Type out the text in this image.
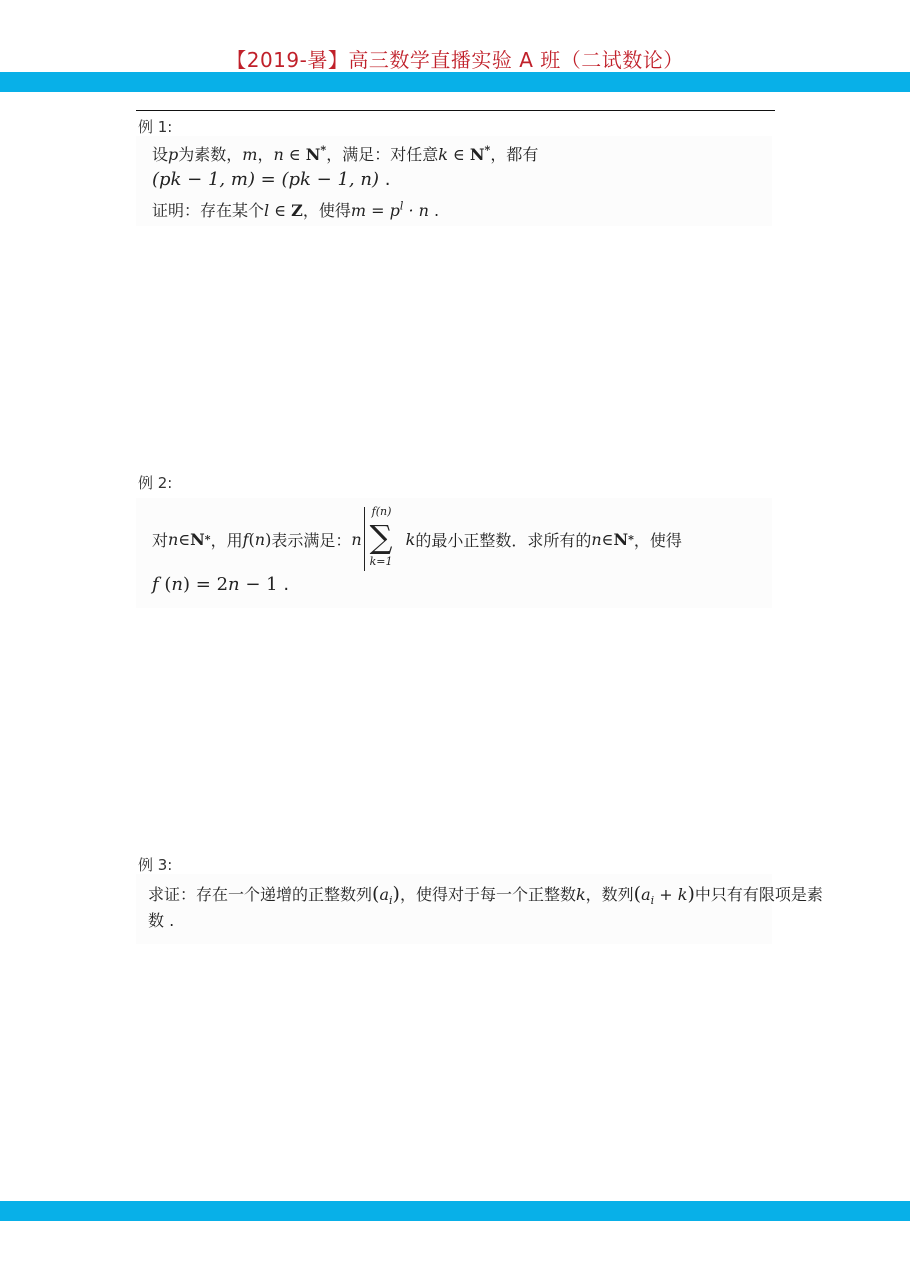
【2019-暑】高三数学直播实验 A 班（二试数论）
例 1:
设p为素数，m，n ∈ N*，满足：对任意k ∈ N*，都有
(pk − 1, m) = (pk − 1, n) .
证明：存在某个l ∈ Z，使得$m = p^l \cdot n$ .
例 2:
对 n ∈ N * ，用 f ( n ) 表示满足： n
f(n)
∑
k=1
k 的最小正整数．求所有的 n ∈ N * ，使得
f (n) = 2n − 1 .
例 3:
求证：存在一个递增的正整数列$(a_i)$，使得对于每一个正整数k，数列$(a_i + k)$中只有有限项是素
数 .
